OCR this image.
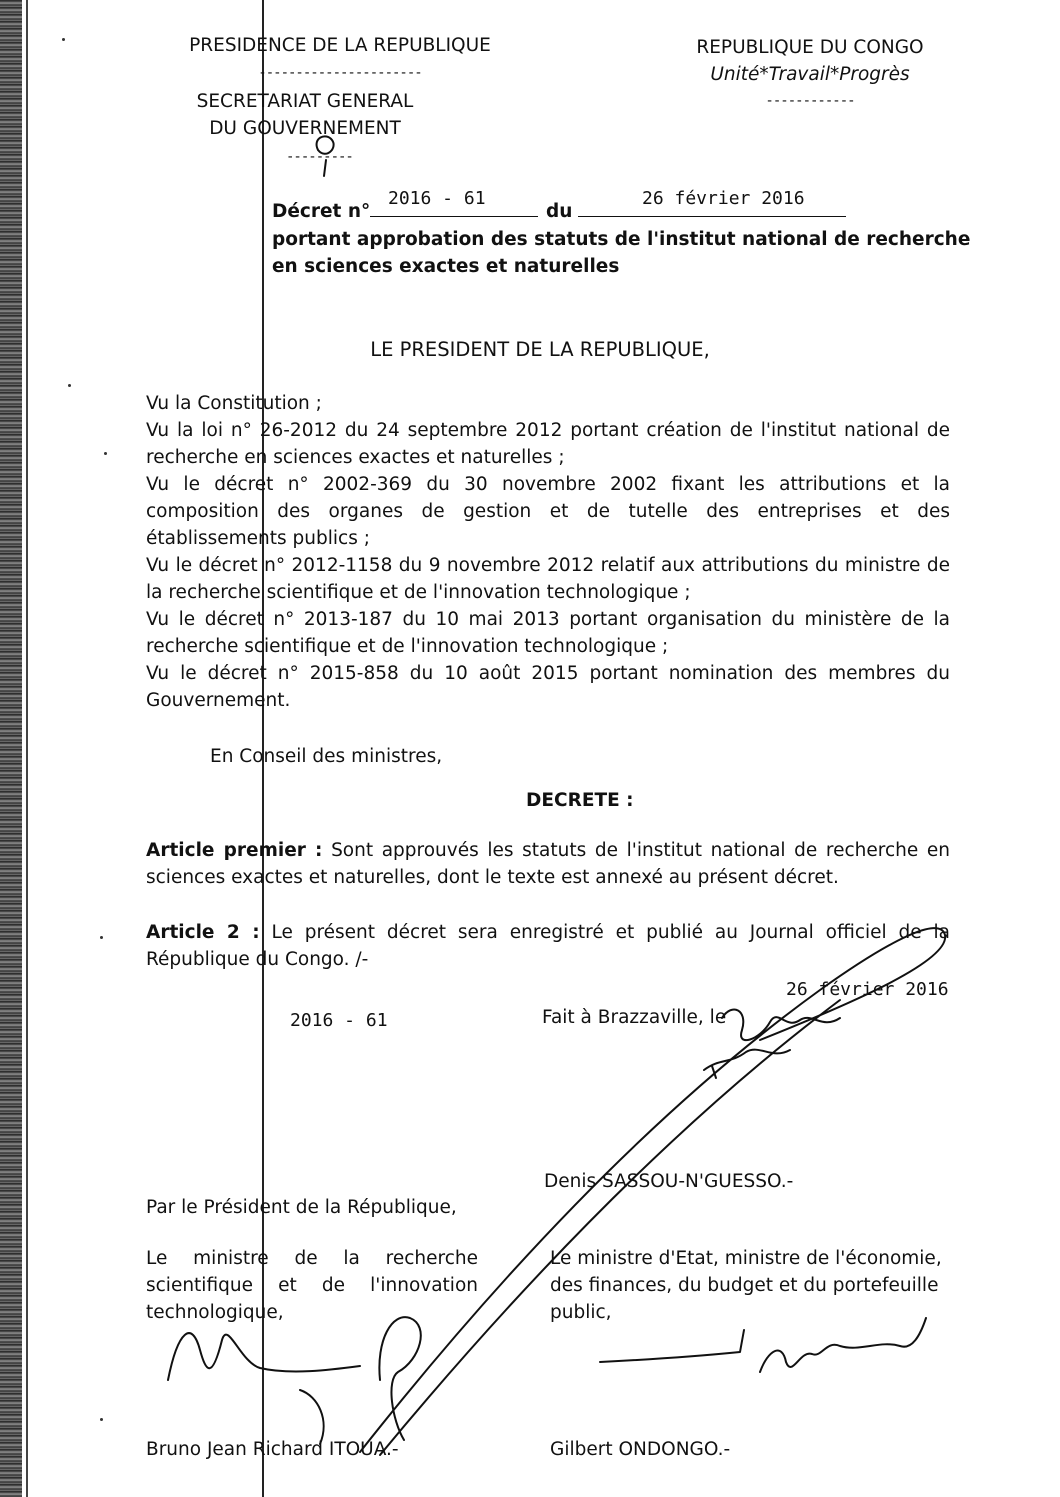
PRESIDENCE DE LA REPUBLIQUE
----------------------
SECRETARIAT GENERAL
DU GOUVERNEMENT
---------
REPUBLIQUE DU CONGO
Unité*Travail*Progrès
------------
Décret n°
2016 - 61
du
26 février 2016
portant approbation des statuts de l'institut national de recherche
en sciences exactes et naturelles
LE PRESIDENT DE LA REPUBLIQUE,

Vu la Constitution ;

Vu la loi n° 26-2012 du 24 septembre 2012 portant création de l'institut national de recherche en sciences exactes et naturelles ;

Vu le décret n° 2002-369 du 30 novembre 2002 fixant les attributions et la composition des organes de gestion et de tutelle des entreprises et des établissements publics ;

Vu le décret n° 2012-1158 du 9 novembre 2012 relatif aux attributions du ministre de la recherche scientifique et de l'innovation technologique ;

Vu le décret n° 2013-187 du 10 mai 2013 portant organisation du ministère de la recherche scientifique et de l'innovation technologique ;

Vu le décret n° 2015-858 du 10 août 2015 portant nomination des membres du Gouvernement.

En Conseil des ministres,
DECRETE :

Article premier : Sont approuvés les statuts de l'institut national de recherche en sciences exactes et naturelles, dont le texte est annexé au présent décret.

Article 2 : Le présent décret sera enregistré et publié au Journal officiel de la République du Congo. /-

2016 - 61	Fait à Brazzaville, le
26 février 2016
Denis SASSOU-N'GUESSO.-
Par le Président de la République,
Le ministre de la recherche scientifique et de l'innovation technologique,
Le ministre d'Etat, ministre de l'économie, des finances, du budget et du portefeuille public,
Bruno Jean Richard ITOUA.-	Gilbert ONDONGO.-
